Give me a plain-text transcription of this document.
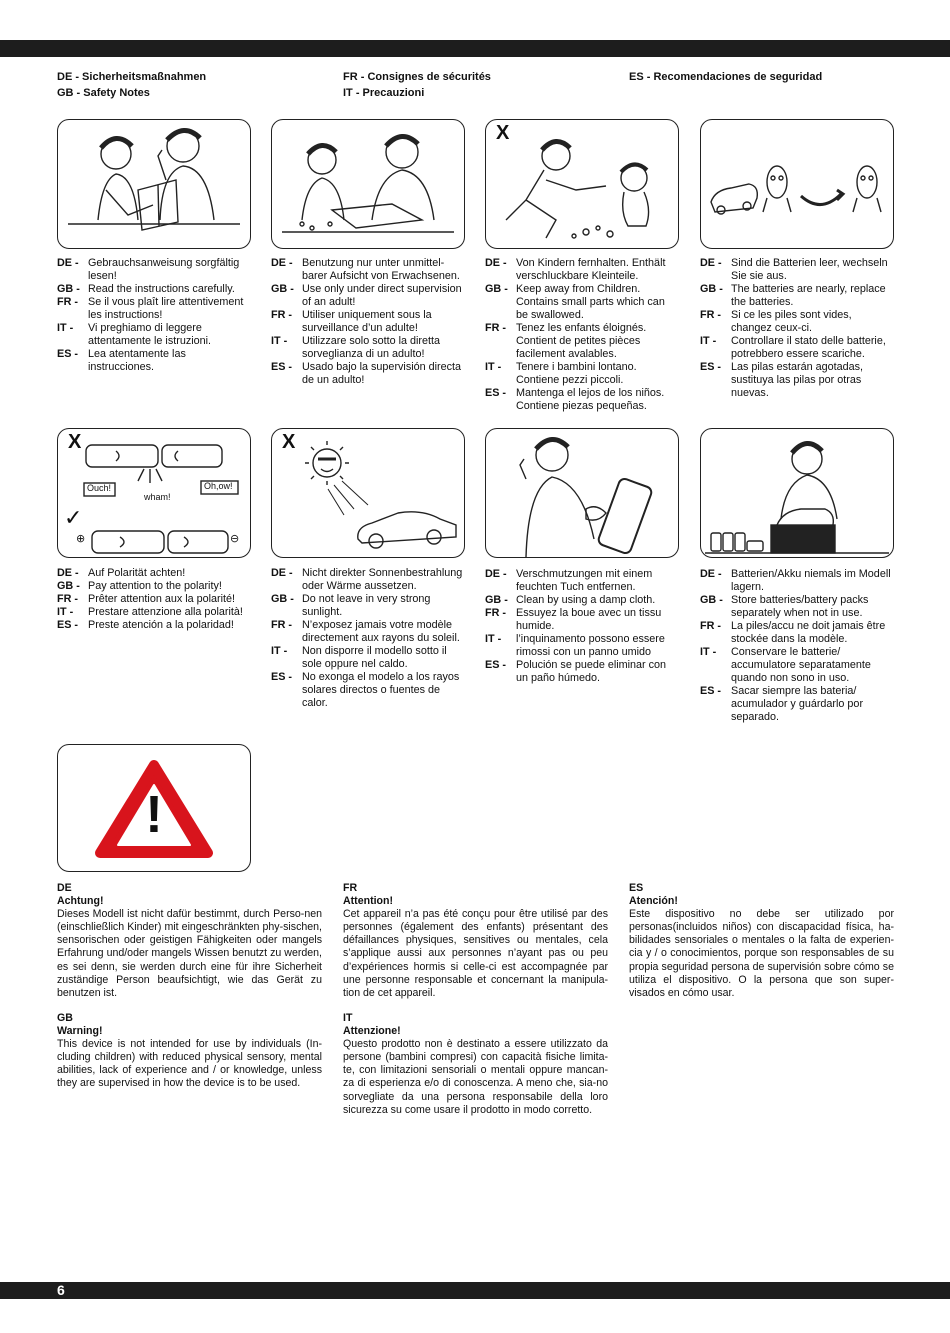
DE - Sicherheitsmaßnahmen
GB - Safety Notes
FR - Consignes de sécurités
IT - Precauzioni
ES - Recomendaciones de seguridad
X
DE - Gebrauchsanweisung sorgfältig lesen!
GB - Read the instructions carefully.
FR - Se il vous plaît lire attentivement les instructions!
IT -	Vi preghiamo di leggere attentamente le istruzioni.
ES - Lea atentamente las instrucciones.
DE - Benutzung nur unter unmittel-barer Aufsicht von Erwachsenen.
GB - Use only under direct supervision of an adult!
FR - Utiliser uniquement sous la surveillance d’un adulte!
IT -	Utilizzare solo sotto la diretta sorveglianza di un adulto!
ES - Usado bajo la supervisión directa de un adulto!
DE - Von Kindern fernhalten. Enthält verschluckbare Kleinteile.
GB - Keep away from Children. Contains small parts which can be swallowed.
FR - Tenez les enfants éloignés. Contient de petites pièces facilement avalables.
IT -	Tenere i bambini lontano. Contiene pezzi piccoli.
ES - Mantenga el lejos de los niños. Contiene piezas pequeñas.
DE - Sind die Batterien leer, wechseln Sie sie aus.
GB - The batteries are nearly, replace the batteries.
FR - Si ce les piles sont vides, changez ceux-ci.
IT -	Controllare il stato delle batterie, potrebbero essere scariche.
ES - Las pilas estarán agotadas, sustituya las pilas por otras nuevas.
X
Ouch!
wham!
Oh,ow!
✓
⊕	⊖
X
DE - Auf Polarität achten!
GB - Pay attention to the polarity!
FR - Prêter attention aux la polarité!
IT -	Prestare attenzione alla polarità!
ES - Preste atención a la polaridad!
DE - Nicht direkter Sonnenbestrahlung oder Wärme aussetzen.
GB - Do not leave in very strong sunlight.
FR - N’exposez jamais votre modèle directement aux rayons du soleil.
IT -	Non disporre il modello sotto il sole oppure nel caldo.
ES - No exonga el modelo a los rayos solares directos o fuentes de calor.
DE - Verschmutzungen mit einem feuchten Tuch entfernen.
GB - Clean by using a damp cloth.
FR - Essuyez la boue avec un tissu humide.
IT -	l’inquinamento possono essere rimossi con un panno umido
ES - Polución se puede eliminar con un paño húmedo.
DE - Batterien/Akku niemals im Modell lagern.
GB - Store batteries/battery packs separately when not in use.
FR - La piles/accu ne doit jamais être stockée dans la modèle.
IT -	Conservare le batterie/ accumulatore separatamente quando non sono in uso.
ES - Sacar siempre las bateria/ acumulador y guárdarlo por separado.
!
DE
Achtung!
Dieses Modell ist nicht dafür bestimmt, durch Perso-nen (einschließlich Kinder) mit eingeschränkten phy-sischen, sensorischen oder geistigen Fähigkeiten oder mangels Erfahrung und/oder mangels Wissen benutzt zu werden, es sei denn, sie werden durch eine für ihre Sicherheit zuständige Person beaufsichtigt, wie das Gerät zu benutzen ist.
GB
Warning!
This device is not intended for use by individuals (In-cluding children) with reduced physical sensory, mental abilities, lack of experience and / or knowledge, unless they are supervised in how the device is to be used.
FR
Attention!
Cet appareil n’a pas été conçu pour être utilisé par des personnes (également des enfants) présentant des défaillances physiques, sensitives ou mentales, cela s’applique aussi aux personnes n’ayant pas ou peu d’expériences hormis si celle-ci est accompagnée par une personne responsable et concernant la manipula-tion de cet appareil.
IT
Attenzione!
Questo prodotto non è destinato a essere utilizzato da persone (bambini compresi) con capacità fisiche limita-te, con limitazioni sensoriali o mentali oppure mancan-za di esperienza e/o di conoscenza. A meno che, sia-no sorvegliate da una persona responsabile della loro sicurezza su come usare il prodotto in modo corretto.
ES
Atención!
Este dispositivo no debe ser utilizado por personas(incluidos niños) con discapacidad física, ha-bilidades sensoriales o mentales o la falta de experien-cia y / o conocimientos, porque son responsables de su propia seguridad persona de supervisión sobre cómo se utiliza el dispositivo. O la persona que son super-visados en cómo usar.
6
